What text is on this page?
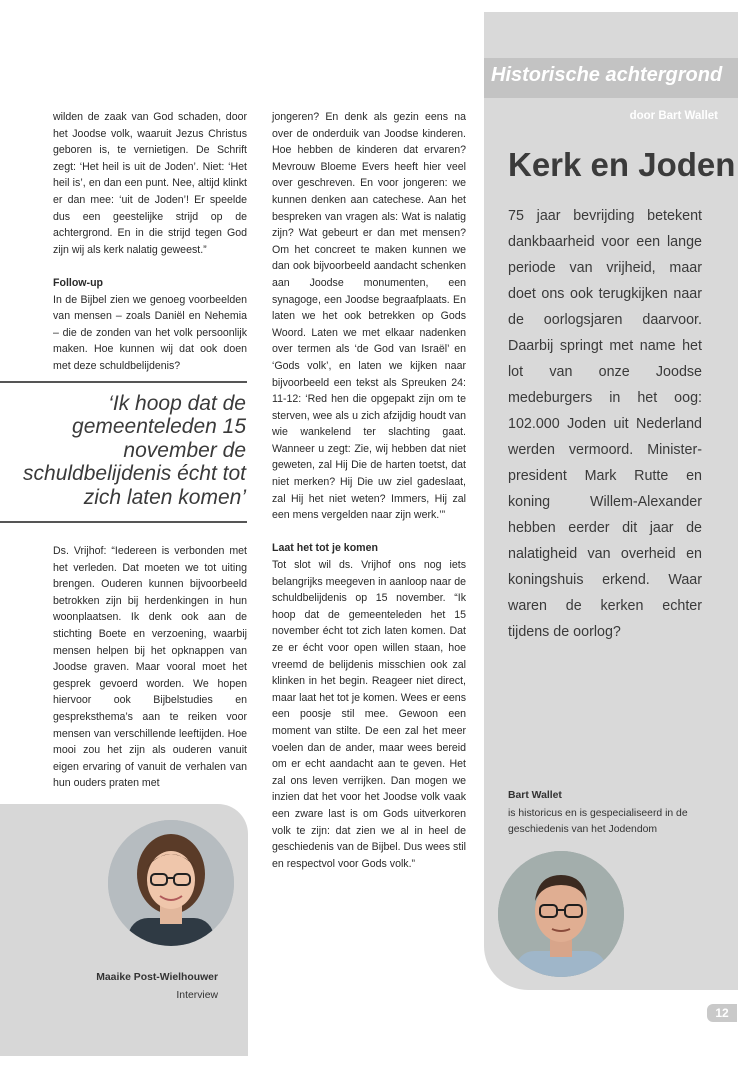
wilden de zaak van God schaden, door het Joodse volk, waaruit Jezus Christus geboren is, te vernietigen. De Schrift zegt: ‘Het heil is uit de Joden’. Niet: ‘Het heil is’, en dan een punt. Nee, altijd klinkt er dan mee: ‘uit de Joden’! Er speelde dus een geestelijke strijd op de achtergrond. En in die strijd tegen God zijn wij als kerk nalatig geweest.”

Follow-up

In de Bijbel zien we genoeg voorbeelden van mensen – zoals Daniël en Nehemia – die de zonden van het volk persoonlijk maken. Hoe kunnen wij dat ook doen met deze schuldbelijdenis?

‘Ik hoop dat de gemeenteleden 15 november de schuldbelijdenis écht tot zich laten komen’

Ds. Vrijhof: “Iedereen is verbonden met het verleden. Dat moeten we tot uiting brengen. Ouderen kunnen bijvoorbeeld betrokken zijn bij herdenkingen in hun woonplaatsen. Ik denk ook aan de stichting Boete en verzoening, waarbij mensen helpen bij het opknappen van Joodse graven. Maar vooral moet het gesprek gevoerd worden. We hopen hiervoor ook Bijbelstudies en gespreksthema’s aan te reiken voor mensen van verschillende leeftijden. Hoe mooi zou het zijn als ouderen vanuit eigen ervaring of vanuit de verhalen van hun ouders praten met

jongeren? En denk als gezin eens na over de onderduik van Joodse kinderen. Hoe hebben de kinderen dat ervaren? Mevrouw Bloeme Evers heeft hier veel over geschreven. En voor jongeren: we kunnen denken aan catechese. Aan het bespreken van vragen als: Wat is nalatig zijn? Wat gebeurt er dan met mensen? Om het concreet te maken kunnen we dan ook bijvoorbeeld aandacht schenken aan Joodse monumenten, een synagoge, een Joodse begraafplaats. En laten we het ook betrekken op Gods Woord. Laten we met elkaar nadenken over termen als ‘de God van Israël’ en ‘Gods volk’, en laten we kijken naar bijvoorbeeld een tekst als Spreuken 24: 11-12: ‘Red hen die opgepakt zijn om te sterven, wee als u zich afzijdig houdt van wie wankelend ter slachting gaat. Wanneer u zegt: Zie, wij hebben dat niet geweten, zal Hij Die de harten toetst, dat niet merken? Hij Die uw ziel gadeslaat, zal Hij het niet weten? Immers, Hij zal een mens vergelden naar zijn werk.’”

Laat het tot je komen

Tot slot wil ds. Vrijhof ons nog iets belangrijks meegeven in aanloop naar de schuldbelijdenis op 15 november. “Ik hoop dat de gemeenteleden het 15 november écht tot zich laten komen. Dat ze er écht voor open willen staan, hoe vreemd de belijdenis misschien ook zal klinken in het begin. Reageer niet direct, maar laat het tot je komen. Wees er eens een poosje stil mee. Gewoon een moment van stilte. De een zal het meer voelen dan de ander, maar wees bereid om er echt aandacht aan te geven. Het zal ons leven verrijken. Dan mogen we inzien dat het voor het Joodse volk vaak een zware last is om Gods uitverkoren volk te zijn: dat zien we al in heel de geschiedenis van de Bijbel. Dus wees stil en respectvol voor Gods volk.”

Maaike Post-Wielhouwer
Interview
Historische achtergrond
door Bart Wallet
Kerk en Joden
75 jaar bevrijding betekent dankbaarheid voor een lange periode van vrijheid, maar doet ons ook terugkijken naar de oorlogsjaren daarvoor. Daarbij springt met name het lot van onze Joodse medeburgers in het oog: 102.000 Joden uit Nederland werden vermoord. Minister-president Mark Rutte en koning Willem-Alexander hebben eerder dit jaar de nalatigheid van overheid en koningshuis erkend. Waar waren de kerken echter tijdens de oorlog?
Bart Wallet
is historicus en is gespecialiseerd in de geschiedenis van het Jodendom
12
